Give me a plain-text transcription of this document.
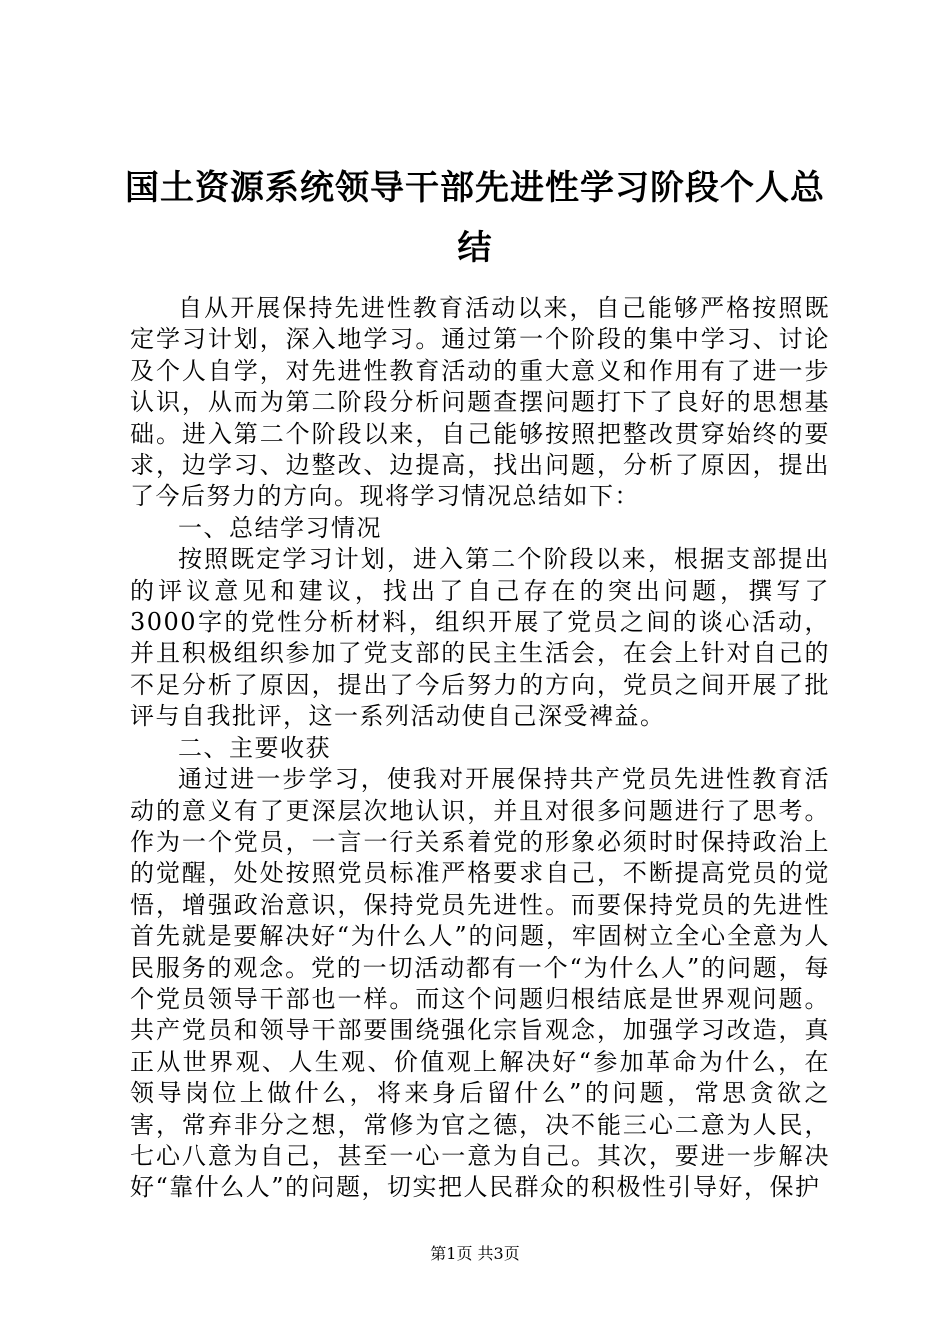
国土资源系统领导干部先进性学习阶段个人总结

自从开展保持先进性教育活动以来，自己能够严格按照既定学习计划，深入地学习。通过第一个阶段的集中学习、讨论及个人自学，对先进性教育活动的重大意义和作用有了进一步认识，从而为第二阶段分析问题查摆问题打下了良好的思想基础。进入第二个阶段以来，自己能够按照把整改贯穿始终的要求，边学习、边整改、边提高，找出问题，分析了原因，提出了今后努力的方向。现将学习情况总结如下：

一、总结学习情况

按照既定学习计划，进入第二个阶段以来，根据支部提出的评议意见和建议，找出了自己存在的突出问题，撰写了3000字的党性分析材料，组织开展了党员之间的谈心活动，并且积极组织参加了党支部的民主生活会，在会上针对自己的不足分析了原因，提出了今后努力的方向，党员之间开展了批评与自我批评，这一系列活动使自己深受裨益。

二、主要收获

通过进一步学习，使我对开展保持共产党员先进性教育活动的意义有了更深层次地认识，并且对很多问题进行了思考。作为一个党员，一言一行关系着党的形象必须时时保持政治上的觉醒，处处按照党员标准严格要求自己，不断提高党员的觉悟，增强政治意识，保持党员先进性。而要保持党员的先进性首先就是要解决好“为什么人”的问题，牢固树立全心全意为人民服务的观念。党的一切活动都有一个“为什么人”的问题，每个党员领导干部也一样。而这个问题归根结底是世界观问题。共产党员和领导干部要围绕强化宗旨观念，加强学习改造，真正从世界观、人生观、价值观上解决好“参加革命为什么，在领导岗位上做什么，将来身后留什么”的问题，常思贪欲之害，常弃非分之想，常修为官之德，决不能三心二意为人民，七心八意为自己，甚至一心一意为自己。其次，要进一步解决好“靠什么人”的问题，切实把人民群众的积极性引导好，保护

第1页 共3页
